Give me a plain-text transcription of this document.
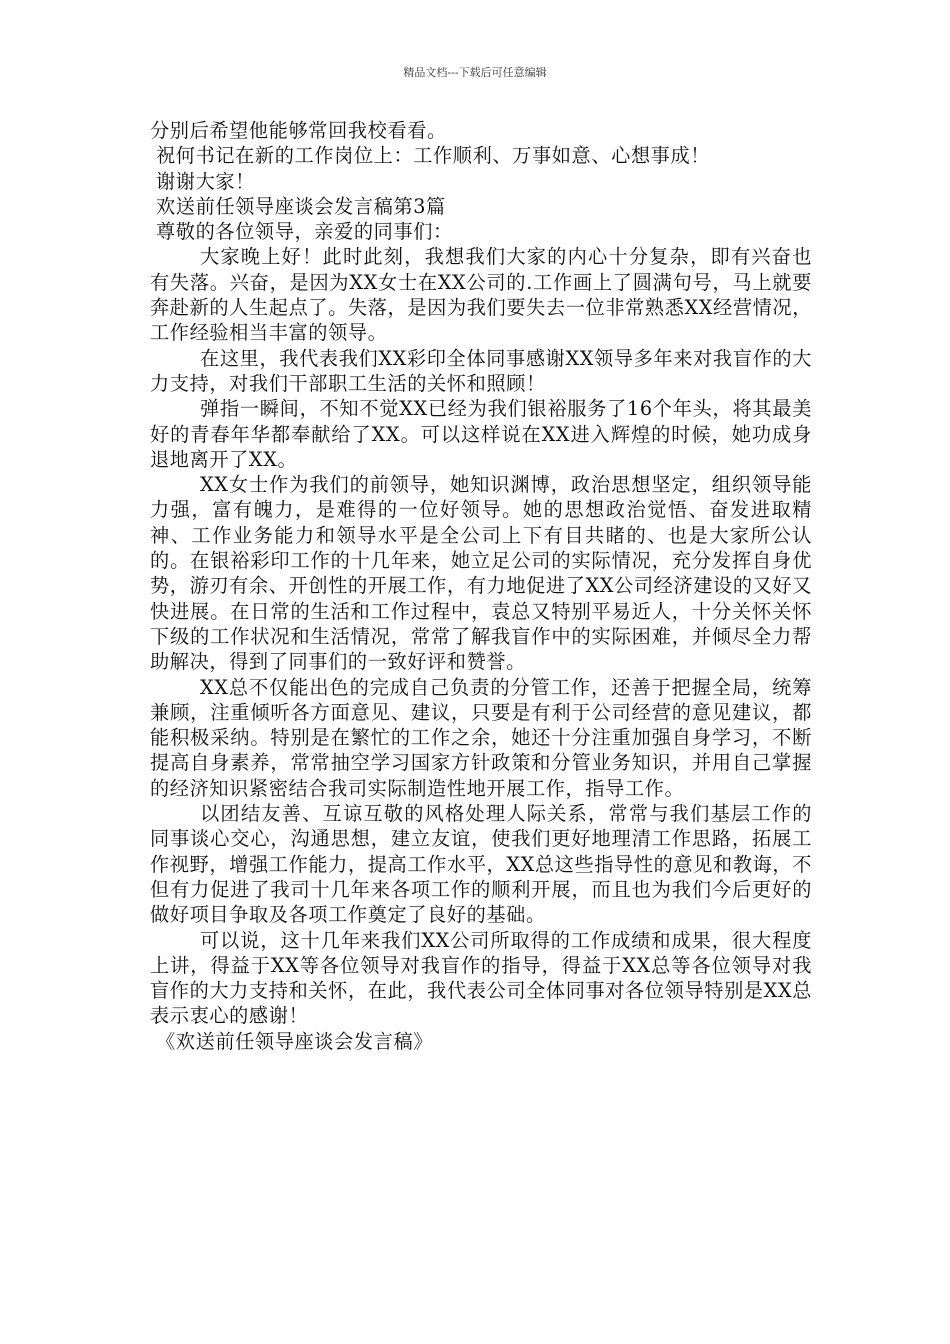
精品文档---下载后可任意编辑

分别后希望他能够常回我校看看。

祝何书记在新的工作岗位上：工作顺利、万事如意、心想事成！

谢谢大家！

欢送前任领导座谈会发言稿第3篇

尊敬的各位领导，亲爱的同事们：

大家晚上好！此时此刻，我想我们大家的内心十分复杂，即有兴奋也有失落。兴奋，是因为XX女士在XX公司的.工作画上了圆满句号，马上就要奔赴新的人生起点了。失落，是因为我们要失去一位非常熟悉XX经营情况，工作经验相当丰富的领导。

在这里，我代表我们XX彩印全体同事感谢XX领导多年来对我盲作的大力支持，对我们干部职工生活的关怀和照顾！

弹指一瞬间，不知不觉XX已经为我们银裕服务了16个年头，将其最美好的青春年华都奉献给了XX。可以这样说在XX进入辉煌的时候，她功成身退地离开了XX。

XX女士作为我们的前领导，她知识渊博，政治思想坚定，组织领导能力强，富有魄力，是难得的一位好领导。她的思想政治觉悟、奋发进取精神、工作业务能力和领导水平是全公司上下有目共睹的、也是大家所公认的。在银裕彩印工作的十几年来，她立足公司的实际情况，充分发挥自身优势，游刃有余、开创性的开展工作，有力地促进了XX公司经济建设的又好又快进展。在日常的生活和工作过程中，袁总又特别平易近人，十分关怀关怀下级的工作状况和生活情况，常常了解我盲作中的实际困难，并倾尽全力帮助解决，得到了同事们的一致好评和赞誉。

XX总不仅能出色的完成自己负责的分管工作，还善于把握全局，统筹兼顾，注重倾听各方面意见、建议，只要是有利于公司经营的意见建议，都能积极采纳。特别是在繁忙的工作之余，她还十分注重加强自身学习，不断提高自身素养，常常抽空学习国家方针政策和分管业务知识，并用自己掌握的经济知识紧密结合我司实际制造性地开展工作，指导工作。

以团结友善、互谅互敬的风格处理人际关系，常常与我们基层工作的同事谈心交心，沟通思想，建立友谊，使我们更好地理清工作思路，拓展工作视野，增强工作能力，提高工作水平，XX总这些指导性的意见和教诲，不但有力促进了我司十几年来各项工作的顺利开展，而且也为我们今后更好的做好项目争取及各项工作奠定了良好的基础。

可以说，这十几年来我们XX公司所取得的工作成绩和成果，很大程度上讲，得益于XX等各位领导对我盲作的指导，得益于XX总等各位领导对我盲作的大力支持和关怀，在此，我代表公司全体同事对各位领导特别是XX总表示衷心的感谢！

《欢送前任领导座谈会发言稿》
